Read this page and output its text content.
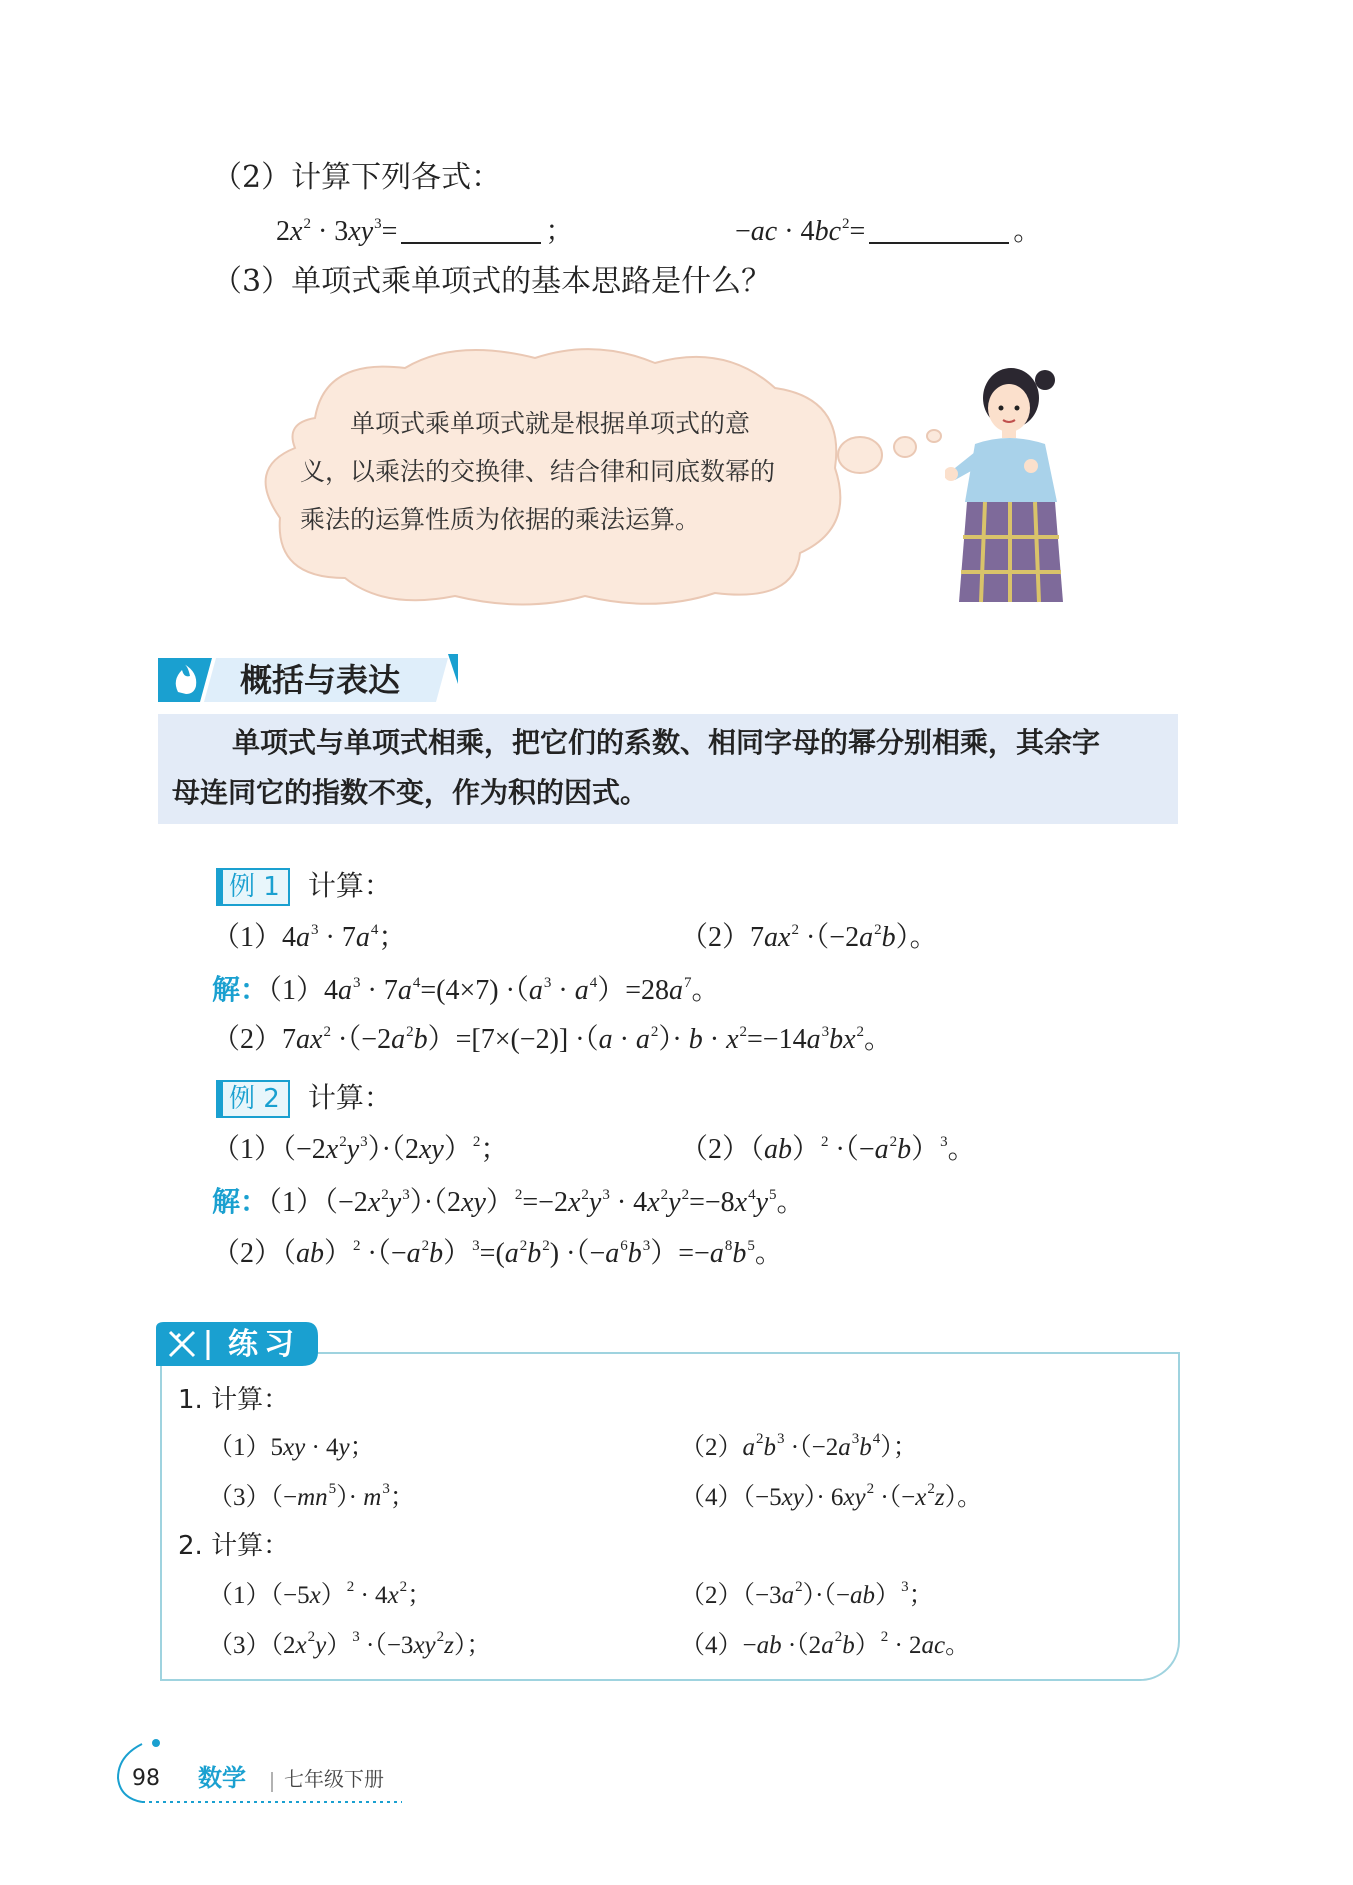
（2）计算下列各式：
$2x^2 \cdot 3xy^3=$	；	$-ac \cdot 4bc^2=$	。
（3）单项式乘单项式的基本思路是什么？
单项式乘单项式就是根据单项式的意
义，以乘法的交换律、结合律和同底数幂的
乘法的运算性质为依据的乘法运算。
概括与表达
单项式与单项式相乘，把它们的系数、相同字母的幂分别相乘，其余字
母连同它的指数不变，作为积的因式。
例 1 计算：
$(1)4a^3 \cdot 7a^4$；	$(2)7ax^2 \cdot(-2a^2b)$。
解：$(1)4a^3 \cdot 7a^4=(4\times 7) \cdot(a^3 \cdot a^4)=28a^7$。
$(2)7ax^2 \cdot(-2a^2b)=[7\times(-2)] \cdot(a \cdot a^2)\cdot b \cdot x^2=-14a^3bx^2$。
例 2 计算：
$(1)(-2x^2y^3)\cdot(2xy)^2$；	$(2)(ab)^2 \cdot(-a^2b)^3$。
解：$(1)(-2x^2y^3)\cdot(2xy)^2=-2x^2y^3 \cdot 4x^2y^2=-8x^4y^5$。
$(2)(ab)^2 \cdot(-a^2b)^3=(a^2b^2) \cdot(-a^6b^3)=-a^8b^5$。
练习
1. 计算：
（1）5xy · 4y；	$(2)a^2b^3 \cdot(-2a^3b^4)$；
$(3)(-mn^5)\cdot m^3$；	$(4)(-5xy)\cdot 6xy^2 \cdot(-x^2z)$。
2. 计算：
$(1)(-5x)^2 \cdot 4x^2$；	$(2)(-3a^2)\cdot(-ab)^3$；
$(3)(2x^2y)^3 \cdot(-3xy^2z)$；	$(4)-ab \cdot(2a^2b)^2 \cdot 2ac$。
98 数学 七年级下册
